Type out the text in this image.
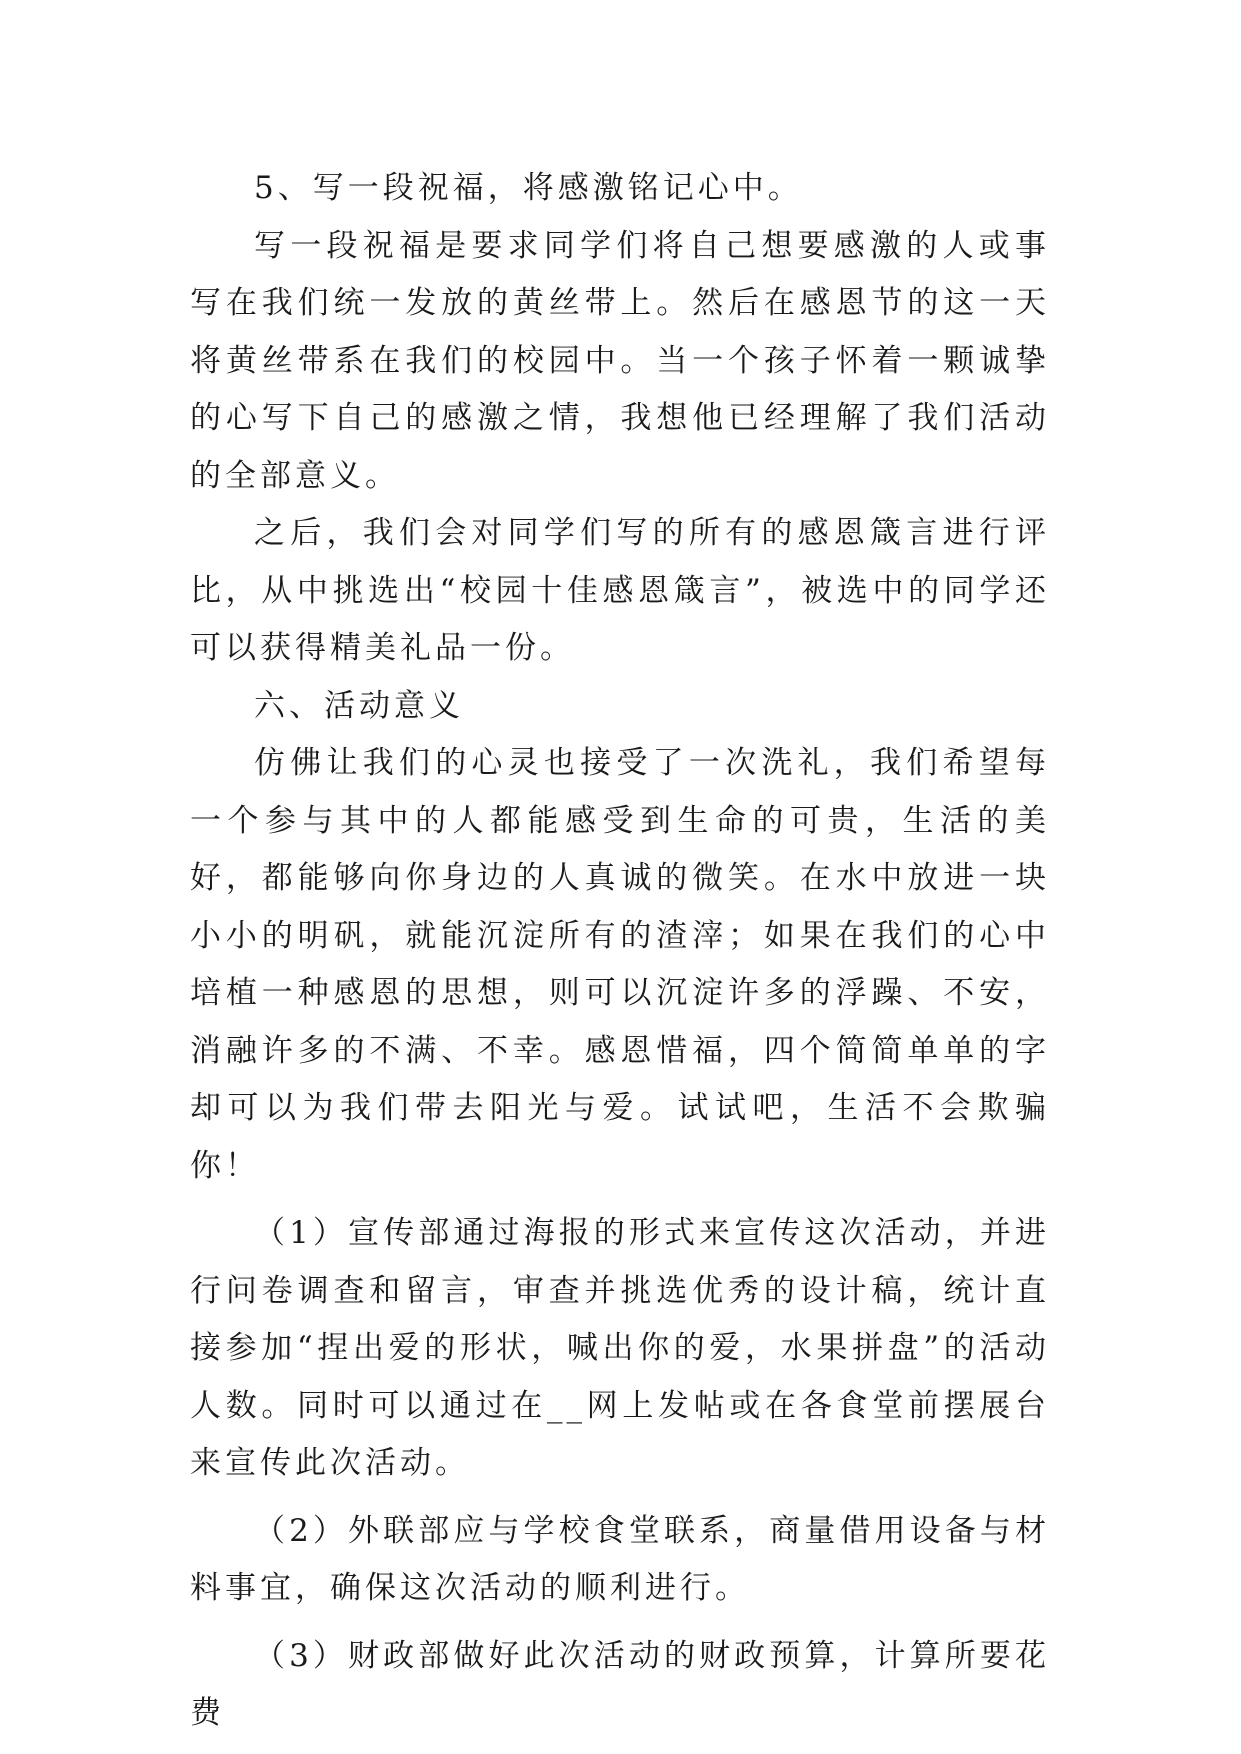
5、写一段祝福，将感激铭记心中。

写一段祝福是要求同学们将自己想要感激的人或事写在我们统一发放的黄丝带上。然后在感恩节的这一天将黄丝带系在我们的校园中。当一个孩子怀着一颗诚挚的心写下自己的感激之情，我想他已经理解了我们活动的全部意义。

之后，我们会对同学们写的所有的感恩箴言进行评比，从中挑选出“校园十佳感恩箴言”，被选中的同学还可以获得精美礼品一份。

六、活动意义

仿佛让我们的心灵也接受了一次洗礼，我们希望每一个参与其中的人都能感受到生命的可贵，生活的美好，都能够向你身边的人真诚的微笑。在水中放进一块小小的明矾，就能沉淀所有的渣滓；如果在我们的心中培植一种感恩的思想，则可以沉淀许多的浮躁、不安，消融许多的不满、不幸。感恩惜福，四个简简单单的字却可以为我们带去阳光与爱。试试吧，生活不会欺骗你！

（1）宣传部通过海报的形式来宣传这次活动，并进行问卷调查和留言，审查并挑选优秀的设计稿，统计直接参加“捏出爱的形状，喊出你的爱，水果拼盘”的活动人数。同时可以通过在__网上发帖或在各食堂前摆展台来宣传此次活动。

（2）外联部应与学校食堂联系，商量借用设备与材料事宜，确保这次活动的顺利进行。

（3）财政部做好此次活动的财政预算，计算所要花费
